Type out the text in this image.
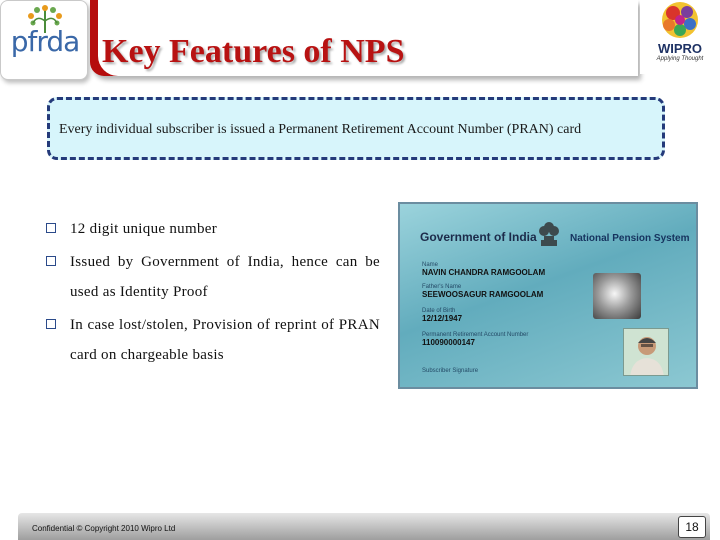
pfrda Key Features of NPS	WIPRO
Applying Thought
Every individual subscriber is issued a Permanent Retirement Account Number (PRAN) card
12 digit unique number
Issued by Government of India, hence can be used as Identity Proof
In case lost/stolen, Provision of reprint of PRAN card on chargeable basis
Government of India	National Pension System
Name
NAVIN CHANDRA RAMGOOLAM
Father's Name
SEEWOOSAGUR RAMGOOLAM
Date of Birth
12/12/1947
Permanent Retirement Account Number
110090000147
Subscriber Signature
Confidential © Copyright 2010 Wipro Ltd	18
